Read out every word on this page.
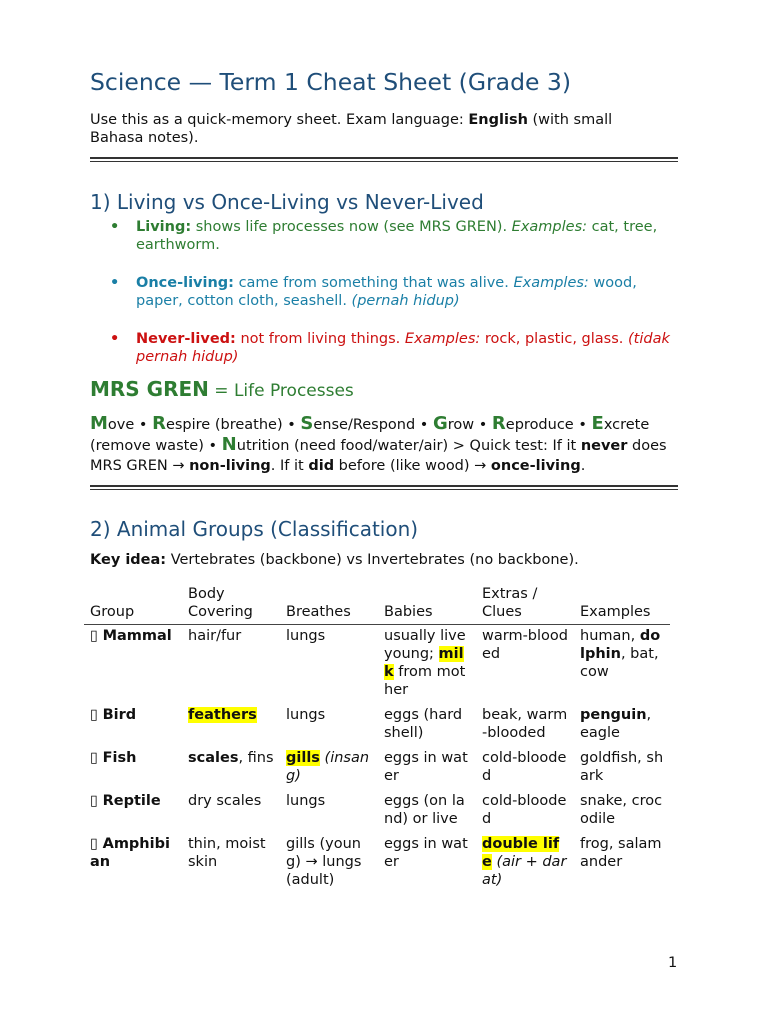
Science — Term 1 Cheat Sheet (Grade 3)
Use this as a quick-memory sheet. Exam language: English (with small Bahasa notes).
1) Living vs Once-Living vs Never-Lived
• Living: shows life processes now (see MRS GREN). Examples: cat, tree, earthworm.
• Once-living: came from something that was alive. Examples: wood, paper, cotton cloth, seashell. (pernah hidup)
• Never-lived: not from living things. Examples: rock, plastic, glass. (tidak pernah hidup)
MRS GREN = Life Processes
Move • Respire (breathe) • Sense/Respond • Grow • Reproduce • Excrete (remove waste) • Nutrition (need food/water/air) > Quick test: If it never does MRS GREN → non-living. If it did before (like wood) → once-living.
2) Animal Groups (Classification)
Key idea: Vertebrates (backbone) vs Invertebrates (no backbone).
Group	Body Covering	Breathes	Babies	Extras / Clues	Examples
▯ Mammal	hair/fur	lungs	usually live young; milk from mother	warm-blooded	human, dolphin, bat, cow
▯ Bird	feathers	lungs	eggs (hard shell)	beak, warm-blooded	penguin, eagle
▯ Fish	scales, fins	gills (insang)	eggs in water	cold-blooded	goldfish, shark
▯ Reptile	dry scales	lungs	eggs (on land) or live	cold-blooded	snake, crocodile
▯ Amphibian	thin, moist skin	gills (young) → lungs (adult)	eggs in water	double life (air + darat)	frog, salamander
1
